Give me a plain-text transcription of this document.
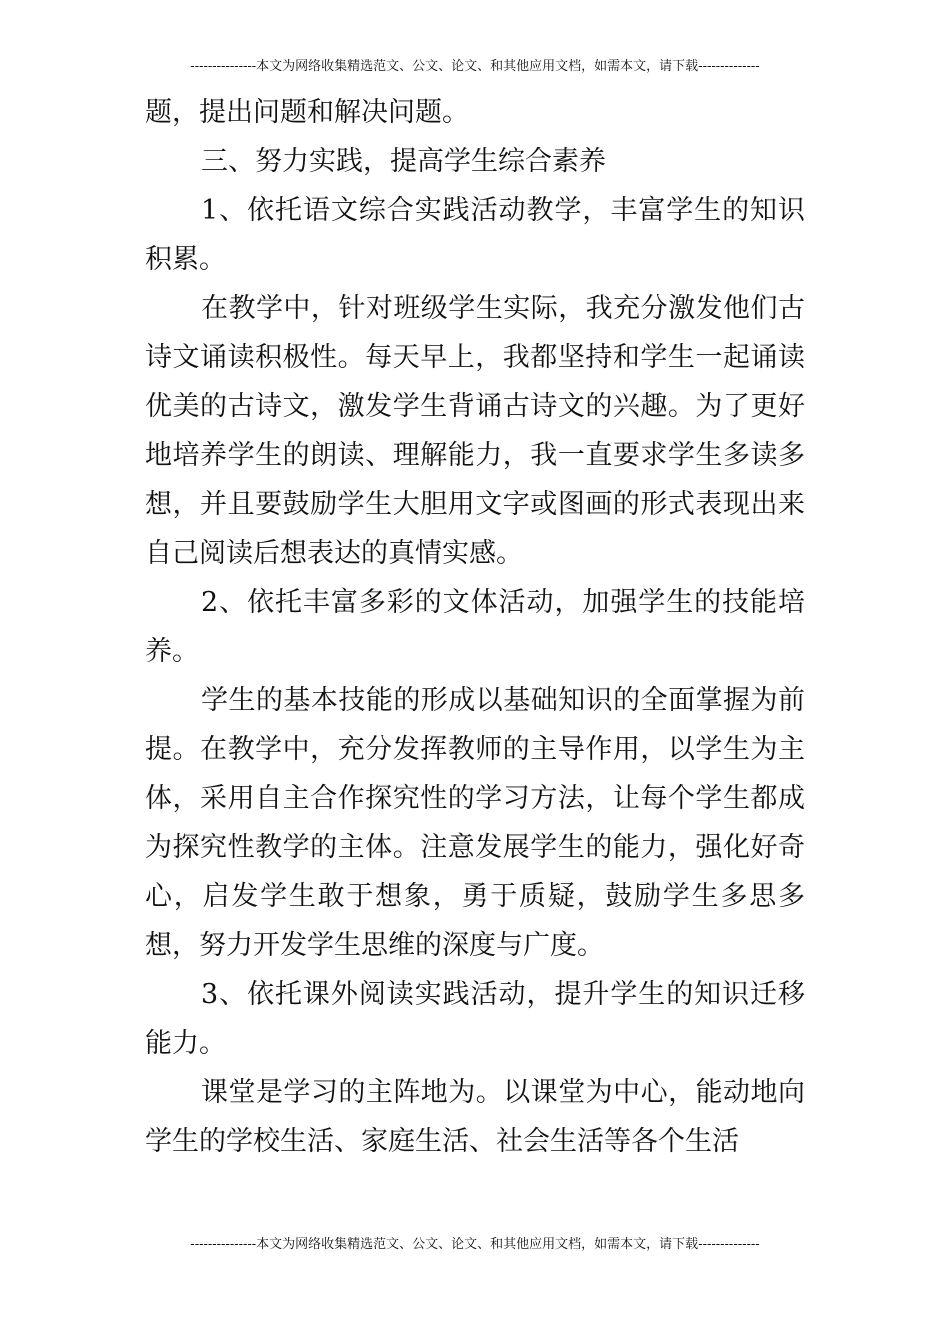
---------------本文为网络收集精选范文、公文、论文、和其他应用文档，如需本文，请下载--------------

题，提出问题和解决问题。

三、努力实践，提高学生综合素养

1、依托语文综合实践活动教学，丰富学生的知识积累。

在教学中，针对班级学生实际，我充分激发他们古诗文诵读积极性。每天早上，我都坚持和学生一起诵读优美的古诗文，激发学生背诵古诗文的兴趣。为了更好地培养学生的朗读、理解能力，我一直要求学生多读多想，并且要鼓励学生大胆用文字或图画的形式表现出来自己阅读后想表达的真情实感。

2、依托丰富多彩的文体活动，加强学生的技能培养。

学生的基本技能的形成以基础知识的全面掌握为前提。在教学中，充分发挥教师的主导作用，以学生为主体，采用自主合作探究性的学习方法，让每个学生都成为探究性教学的主体。注意发展学生的能力，强化好奇心，启发学生敢于想象，勇于质疑，鼓励学生多思多想，努力开发学生思维的深度与广度。

3、依托课外阅读实践活动，提升学生的知识迁移能力。

课堂是学习的主阵地为。以课堂为中心，能动地向学生的学校生活、家庭生活、社会生活等各个生活

---------------本文为网络收集精选范文、公文、论文、和其他应用文档，如需本文，请下载--------------
